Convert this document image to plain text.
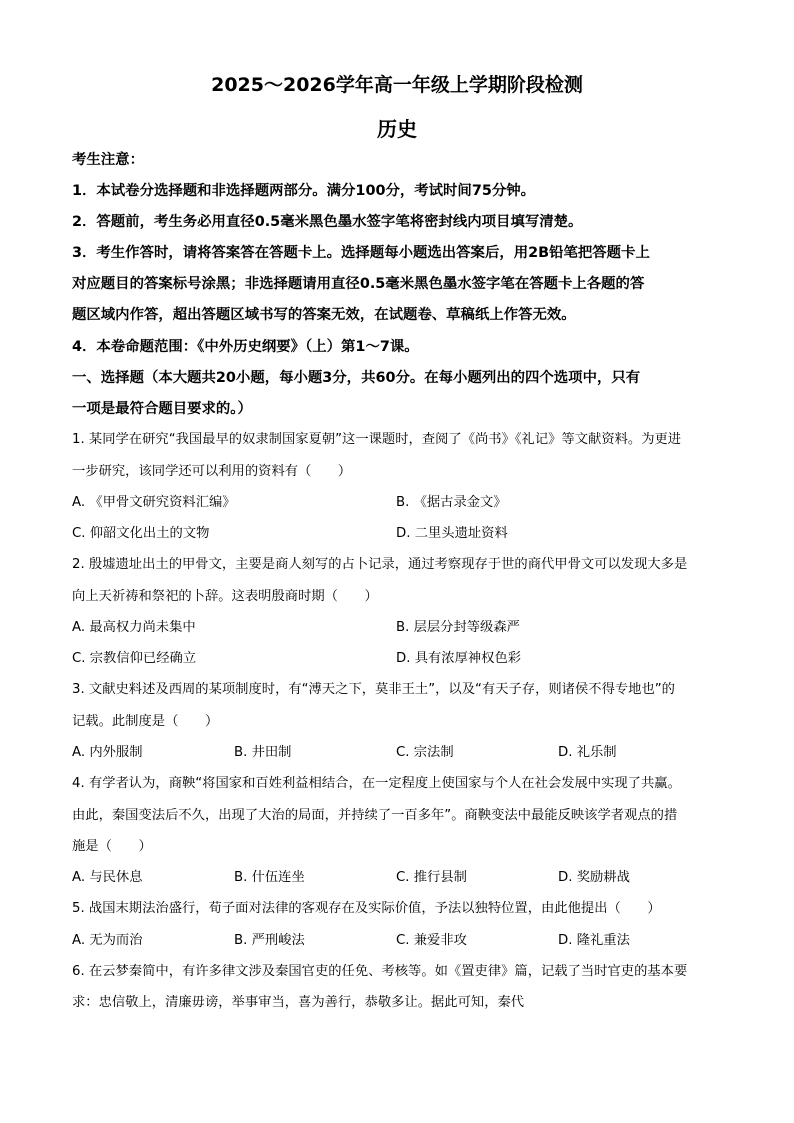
2025～2026学年高一年级上学期阶段检测
历史
考生注意：
1．本试卷分选择题和非选择题两部分。满分100分，考试时间75分钟。
2．答题前，考生务必用直径0.5毫米黑色墨水签字笔将密封线内项目填写清楚。
3．考生作答时，请将答案答在答题卡上。选择题每小题选出答案后，用2B铅笔把答题卡上
对应题目的答案标号涂黑；非选择题请用直径0.5毫米黑色墨水签字笔在答题卡上各题的答
题区域内作答，超出答题区域书写的答案无效，在试题卷、草稿纸上作答无效。
4．本卷命题范围：《中外历史纲要》（上）第1～7课。
一、选择题（本大题共20小题，每小题3分，共60分。在每小题列出的四个选项中，只有
一项是最符合题目要求的。）
1. 某同学在研究“我国最早的奴隶制国家夏朝”这一课题时，查阅了《尚书》《礼记》等文献资料。为更进
一步研究，该同学还可以利用的资料有（　　）
A. 《甲骨文研究资料汇编》	B. 《据古录金文》
C. 仰韶文化出土的文物	D. 二里头遗址资料
2. 殷墟遗址出土的甲骨文，主要是商人刻写的占卜记录，通过考察现存于世的商代甲骨文可以发现大多是
向上天祈祷和祭祀的卜辞。这表明殷商时期（　　）
A. 最高权力尚未集中	B. 层层分封等级森严
C. 宗教信仰已经确立	D. 具有浓厚神权色彩
3. 文献史料述及西周的某项制度时，有“溥天之下，莫非王土”，以及“有天子存，则诸侯不得专地也”的
记载。此制度是（　　）
A. 内外服制	B. 井田制	C. 宗法制	D. 礼乐制
4. 有学者认为，商鞅“将国家和百姓利益相结合，在一定程度上使国家与个人在社会发展中实现了共赢。
由此，秦国变法后不久，出现了大治的局面，并持续了一百多年”。商鞅变法中最能反映该学者观点的措
施是（　　）
A. 与民休息	B. 什伍连坐	C. 推行县制	D. 奖励耕战
5. 战国末期法治盛行，荀子面对法律的客观存在及实际价值，予法以独特位置，由此他提出（　　）
A. 无为而治	B. 严刑峻法	C. 兼爱非攻	D. 隆礼重法
6. 在云梦秦简中，有许多律文涉及秦国官吏的任免、考核等。如《置吏律》篇，记载了当时官吏的基本要
求：忠信敬上，清廉毋谤，举事审当，喜为善行，恭敬多让。据此可知，秦代
